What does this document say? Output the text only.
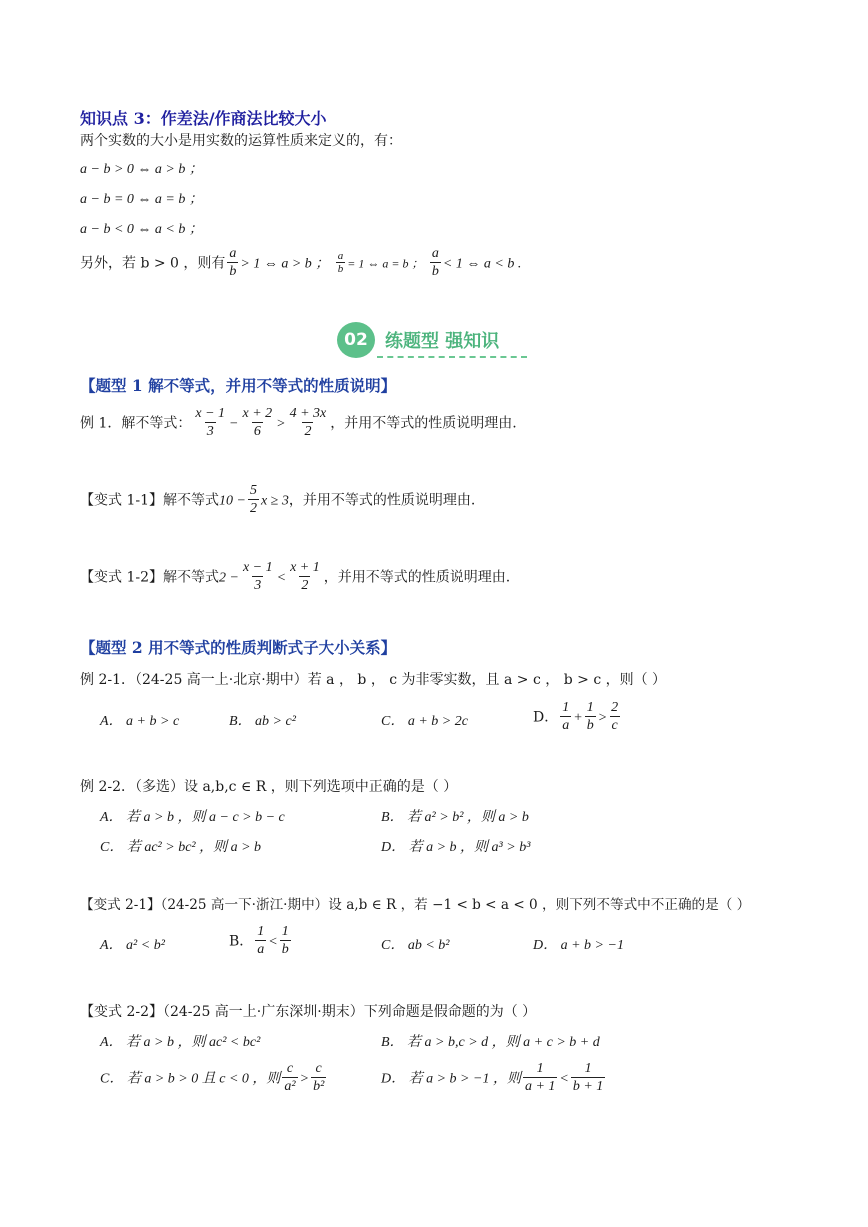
知识点 3：作差法/作商法比较大小
两个实数的大小是用实数的运算性质来定义的，有：
a − b > 0 ⇔ a > b ；
a − b = 0 ⇔ a = b ；
a − b < 0 ⇔ a < b ；
另外，若 b > 0 ，则有 $\frac{a}{b} > 1$ ⇔ a > b ； $\frac{a}{b} = 1$ ⇔ a = b ； $\frac{a}{b} < 1$ ⇔ a < b .
02 练题型 强知识
【题型 1 解不等式，并用不等式的性质说明】
例 1．解不等式： $\frac{x - 1}{3} - \frac{x + 2}{6} > \frac{4 + 3x}{2}$ ，并用不等式的性质说明理由.
【变式 1-1】解不等式$10 - \frac{5}{2}$ x ≥ 3，并用不等式的性质说明理由.
【变式 1-2】解不等式$2 - \frac{x - 1}{3} < \frac{x + 1}{2}$ ，并用不等式的性质说明理由.
【题型 2 用不等式的性质判断式子大小关系】
例 2-1．（24-25 高一上·北京·期中）若 a ， b ， c 为非零实数，且 a > c ， b > c ，则（ ）
A． a + b > c	B． ab > c²	C． a + b > 2c	D． $\frac{1}{a} + \frac{1}{b} > \frac{2}{c}$
例 2-2．（多选）设 a,b,c ∈ R ，则下列选项中正确的是（ ）
A． 若 a > b ，则 a − c > b − c	B． 若 a² > b² ，则 a > b
C． 若 ac² > bc² ，则 a > b	D． 若 a > b ，则 a³ > b³
【变式 2-1】（24-25 高一下·浙江·期中）设 a,b ∈ R ，若 −1 < b < a < 0 ，则下列不等式中不正确的是（ ）
A． a² < b²	B． $\frac{1}{a} < \frac{1}{b}$	C． ab < b²	D． a + b > −1
【变式 2-2】（24-25 高一上·广东深圳·期末）下列命题是假命题的为（ ）
A． 若 a > b ，则 ac² < bc²	B． 若 a > b,c > d ，则 a + c > b + d
C． 若 a > b > 0 且 c < 0 ，则 $\frac{c}{\text{a²}} > \frac{c}{\text{b²}}$	D． 若 a > b > −1 ，则 $\frac{1}{a + 1} < \frac{1}{b + 1}$
